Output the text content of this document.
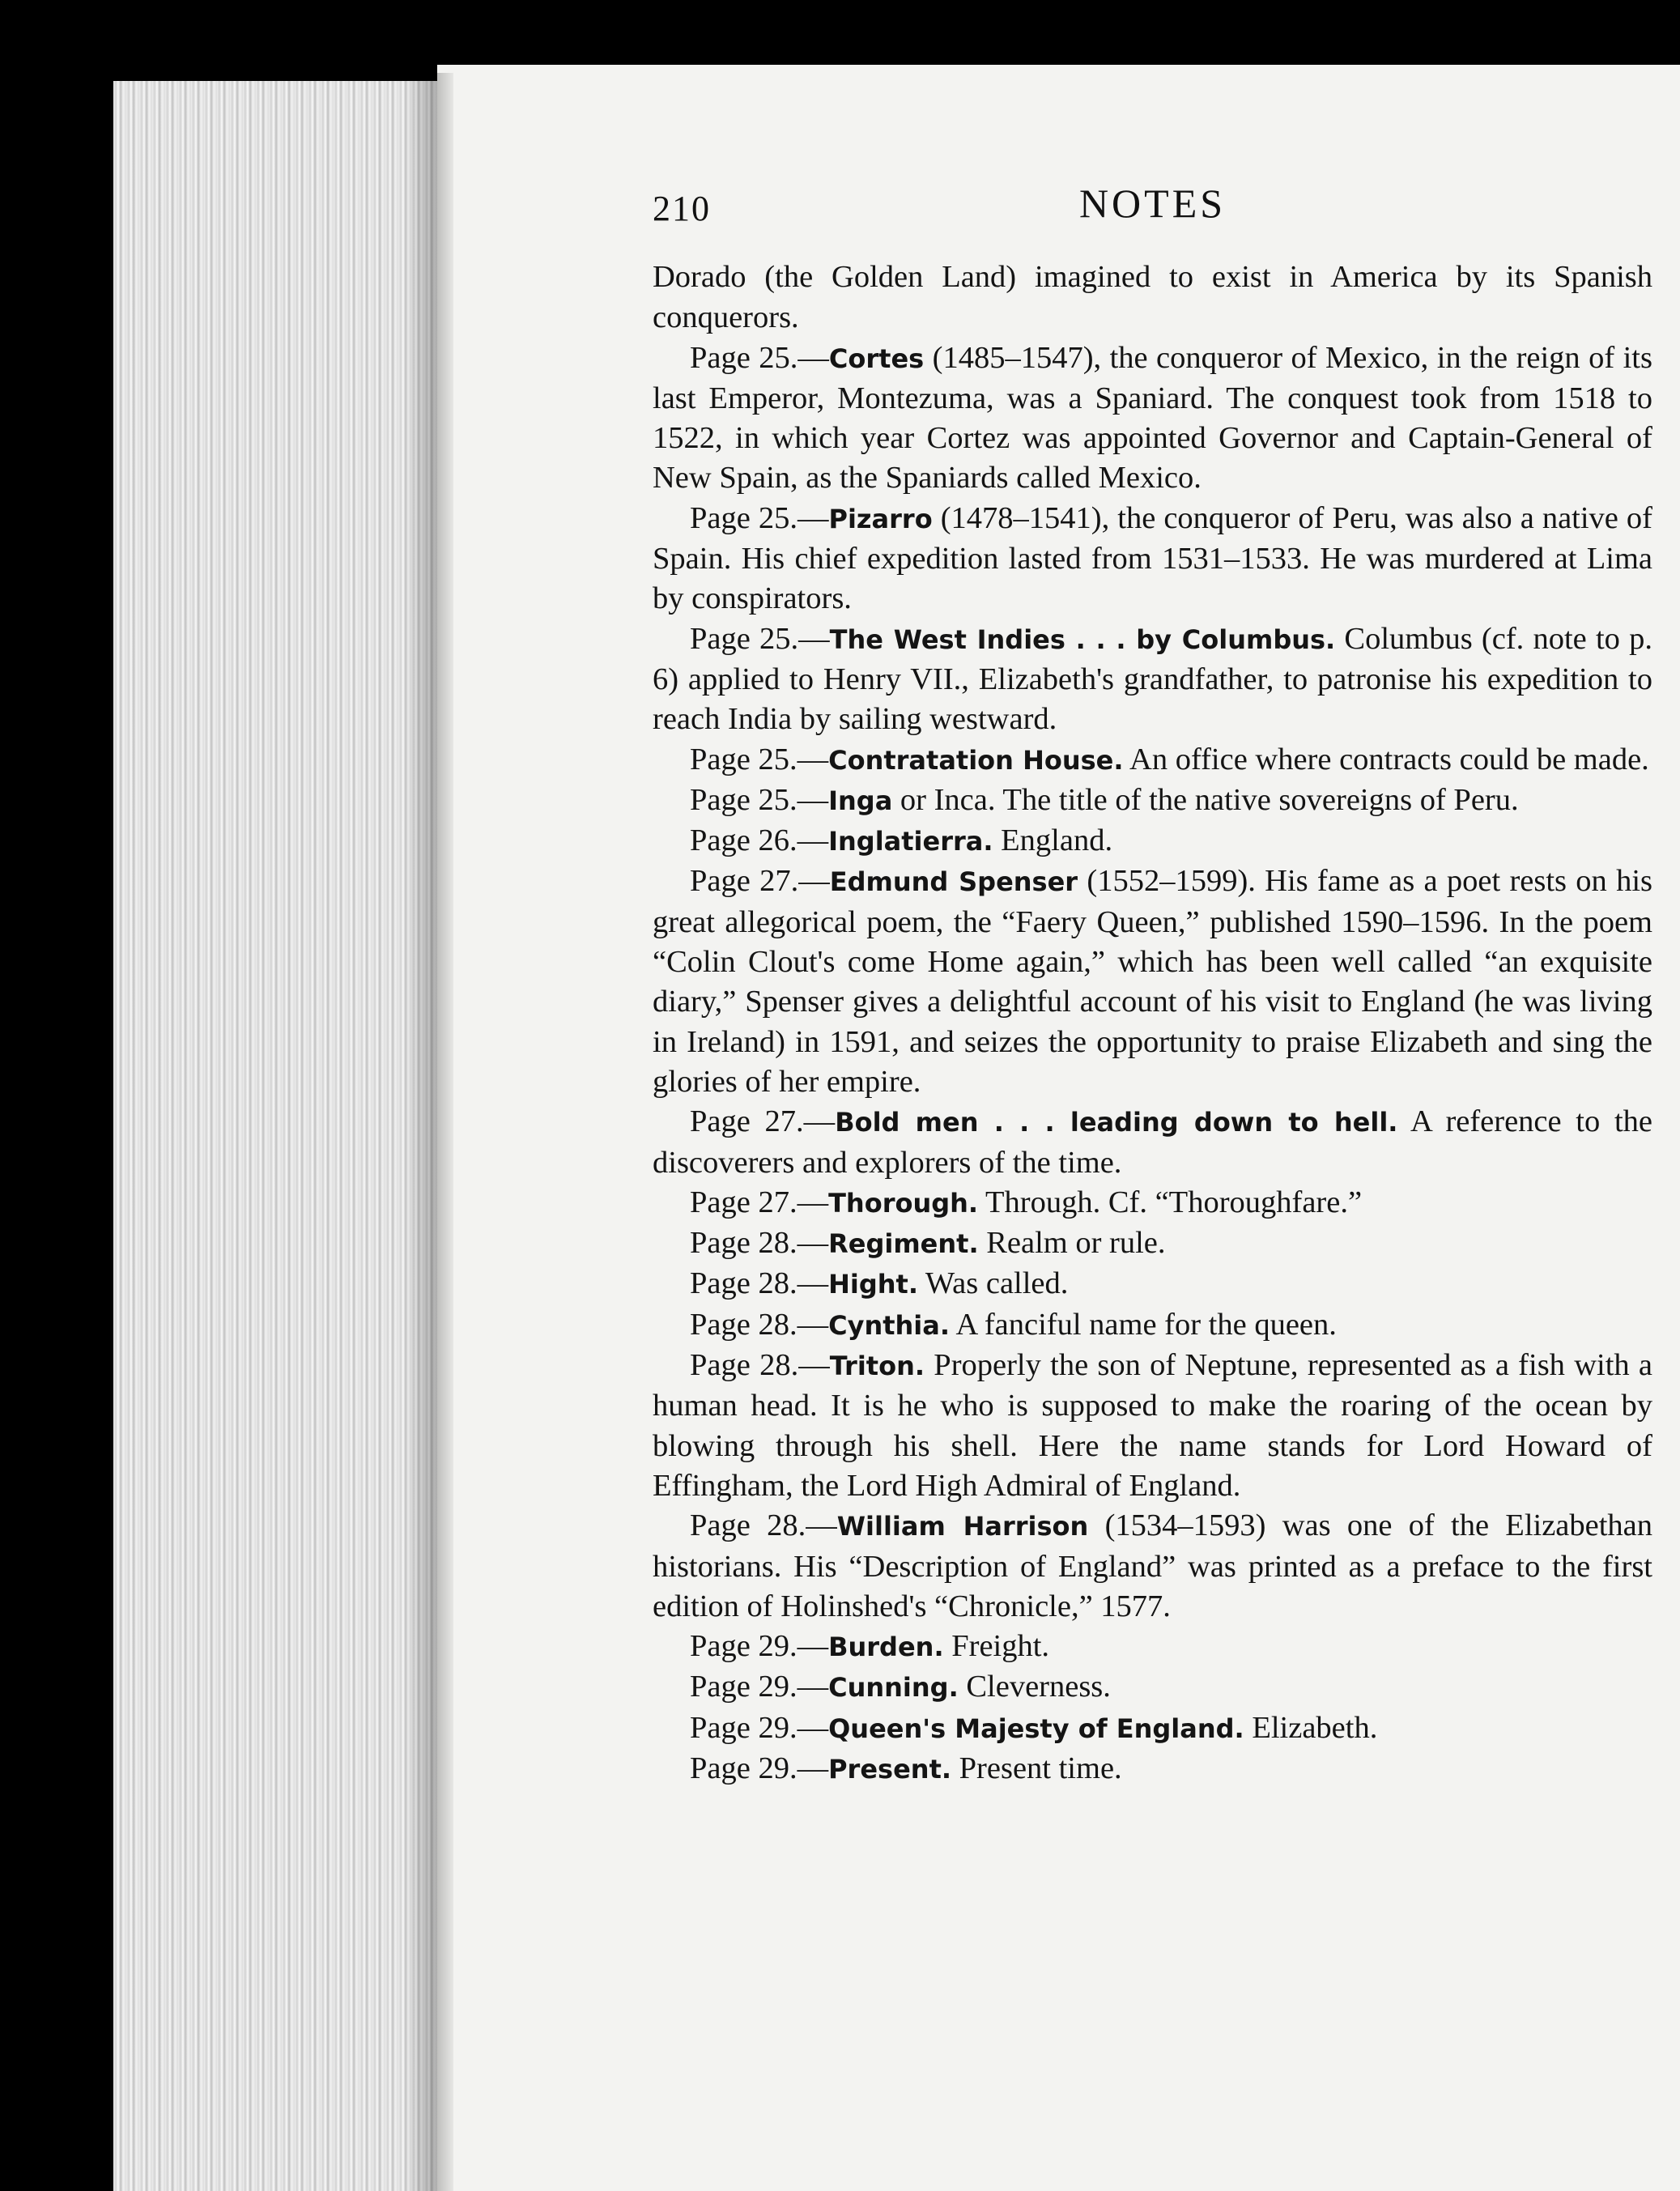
210	NOTES

Dorado (the Golden Land) imagined to exist in America by its Spanish conquerors.

Page 25.—Cortes (1485–1547), the conqueror of Mexico, in the reign of its last Emperor, Montezuma, was a Spaniard. The conquest took from 1518 to 1522, in which year Cortez was appointed Governor and Captain-General of New Spain, as the Spaniards called Mexico.

Page 25.—Pizarro (1478–1541), the conqueror of Peru, was also a native of Spain. His chief expedition lasted from 1531–1533. He was murdered at Lima by conspirators.

Page 25.—The West Indies . . . by Columbus. Columbus (cf. note to p. 6) applied to Henry VII., Elizabeth's grandfather, to patronise his expedition to reach India by sailing westward.

Page 25.—Contratation House. An office where contracts could be made.

Page 25.—Inga or Inca. The title of the native sovereigns of Peru.

Page 26.—Inglatierra. England.

Page 27.—Edmund Spenser (1552–1599). His fame as a poet rests on his great allegorical poem, the “Faery Queen,” published 1590–1596. In the poem “Colin Clout's come Home again,” which has been well called “an exquisite diary,” Spenser gives a delightful account of his visit to England (he was living in Ireland) in 1591, and seizes the opportunity to praise Elizabeth and sing the glories of her empire.

Page 27.—Bold men . . . leading down to hell. A reference to the discoverers and explorers of the time.

Page 27.—Thorough. Through. Cf. “Thoroughfare.”

Page 28.—Regiment. Realm or rule.

Page 28.—Hight. Was called.

Page 28.—Cynthia. A fanciful name for the queen.

Page 28.—Triton. Properly the son of Neptune, represented as a fish with a human head. It is he who is supposed to make the roaring of the ocean by blowing through his shell. Here the name stands for Lord Howard of Effingham, the Lord High Admiral of England.

Page 28.—William Harrison (1534–1593) was one of the Elizabethan historians. His “Description of England” was printed as a preface to the first edition of Holinshed's “Chronicle,” 1577.

Page 29.—Burden. Freight.

Page 29.—Cunning. Cleverness.

Page 29.—Queen's Majesty of England. Elizabeth.

Page 29.—Present. Present time.
